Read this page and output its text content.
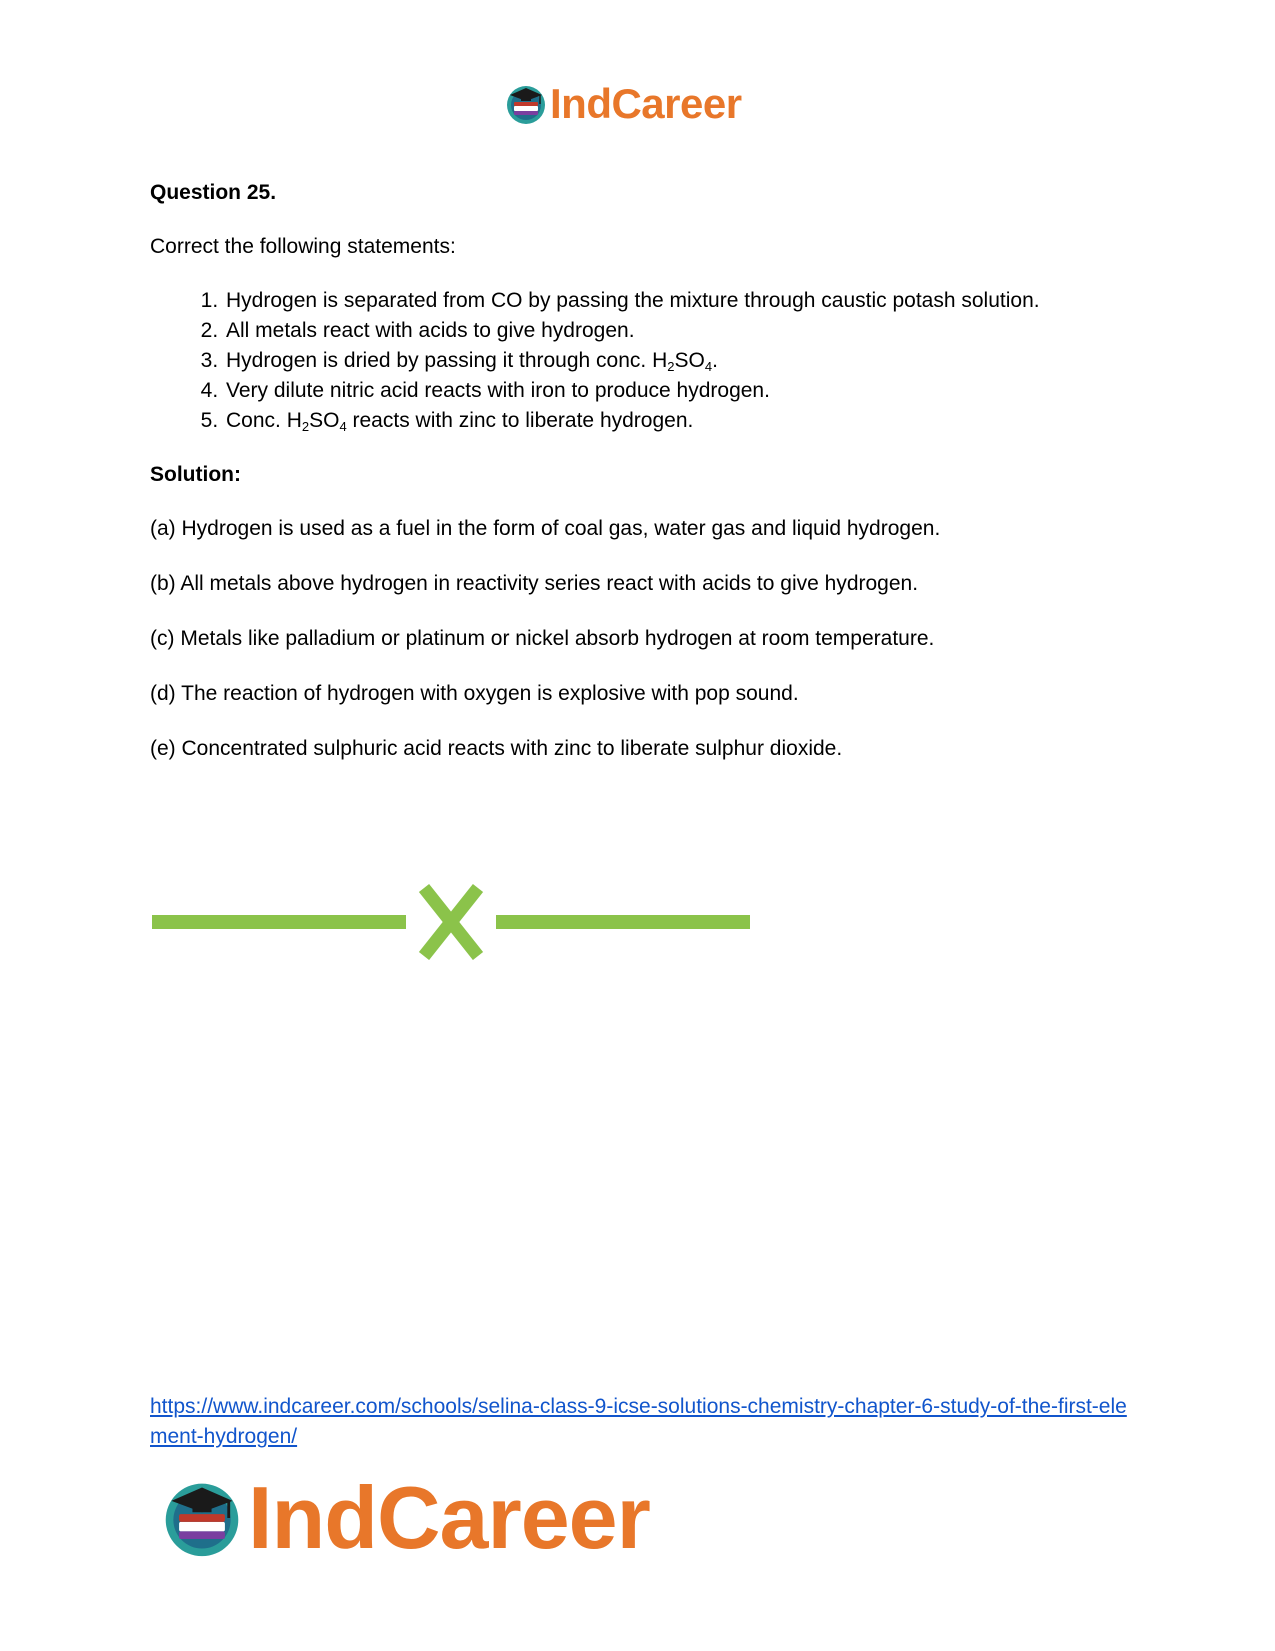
IndCareer
Question 25.
Correct the following statements:
1. Hydrogen is separated from CO by passing the mixture through caustic potash solution.
2. All metals react with acids to give hydrogen.
3. Hydrogen is dried by passing it through conc. $H_2SO_4$.
4. Very dilute nitric acid reacts with iron to produce hydrogen.
5. Conc. $H_2SO_4$ reacts with zinc to liberate hydrogen.
Solution:
(a) Hydrogen is used as a fuel in the form of coal gas, water gas and liquid hydrogen.
(b) All metals above hydrogen in reactivity series react with acids to give hydrogen.
(c) Metals like palladium or platinum or nickel absorb hydrogen at room temperature.
(d) The reaction of hydrogen with oxygen is explosive with pop sound.
(e) Concentrated sulphuric acid reacts with zinc to liberate sulphur dioxide.
https://www.indcareer.com/schools/selina-class-9-icse-solutions-chemistry-chapter-6-study-of-the-first-element-hydrogen/
IndCareer
